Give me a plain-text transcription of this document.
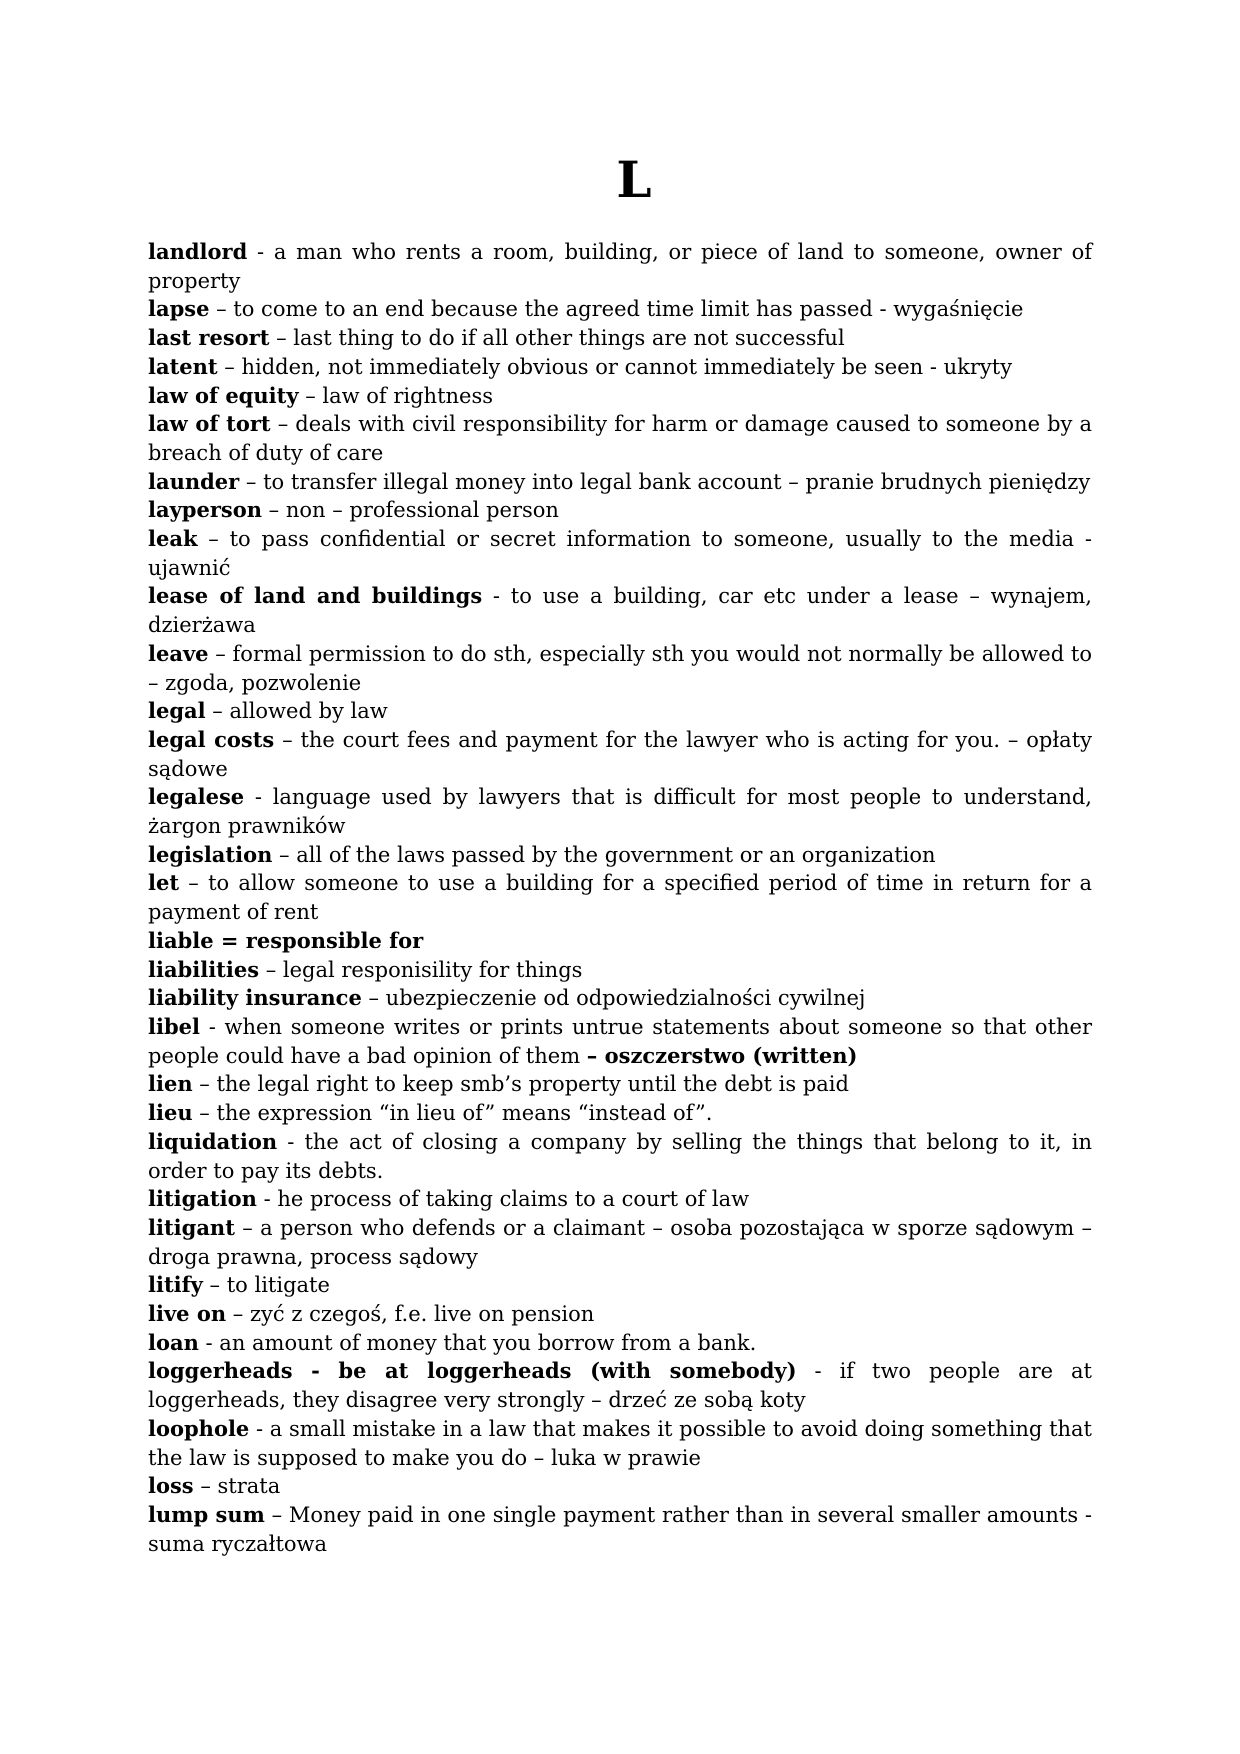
L
landlord - a man who rents a room, building, or piece of land to someone, owner of property
lapse – to come to an end because the agreed time limit has passed - wygaśnięcie
last resort – last thing to do if all other things are not successful
latent – hidden, not immediately obvious or cannot immediately be seen - ukryty
law of equity – law of rightness
law of tort – deals with civil responsibility for harm or damage caused to someone by a breach of duty of care
launder – to transfer illegal money into legal bank account – pranie brudnych pieniędzy
layperson – non – professional person
leak – to pass confidential or secret information to someone, usually to the media - ujawnić
lease of land and buildings - to use a building, car etc under a lease – wynajem, dzierżawa
leave – formal permission to do sth, especially sth you would not normally be allowed to – zgoda, pozwolenie
legal – allowed by law
legal costs – the court fees and payment for the lawyer who is acting for you. – opłaty sądowe
legalese - language used by lawyers that is difficult for most people to understand, żargon prawników
legislation – all of the laws passed by the government or an organization
let – to allow someone to use a building for a specified period of time in return for a payment of rent
liable = responsible for
liabilities – legal responisility for things
liability insurance – ubezpieczenie od odpowiedzialności cywilnej
libel - when someone writes or prints untrue statements about someone so that other people could have a bad opinion of them – oszczerstwo (written)
lien – the legal right to keep smb’s property until the debt is paid
lieu – the expression “in lieu of” means “instead of”.
liquidation - the act of closing a company by selling the things that belong to it, in order to pay its debts.
litigation - he process of taking claims to a court of law
litigant – a person who defends or a claimant – osoba pozostająca w sporze sądowym – droga prawna, process sądowy
litify – to litigate
live on – zyć z czegoś, f.e. live on pension
loan - an amount of money that you borrow from a bank.
loggerheads - be at loggerheads (with somebody) - if two people are at loggerheads, they disagree very strongly – drzeć ze sobą koty
loophole - a small mistake in a law that makes it possible to avoid doing something that the law is supposed to make you do – luka w prawie
loss – strata
lump sum – Money paid in one single payment rather than in several smaller amounts - suma ryczałtowa
